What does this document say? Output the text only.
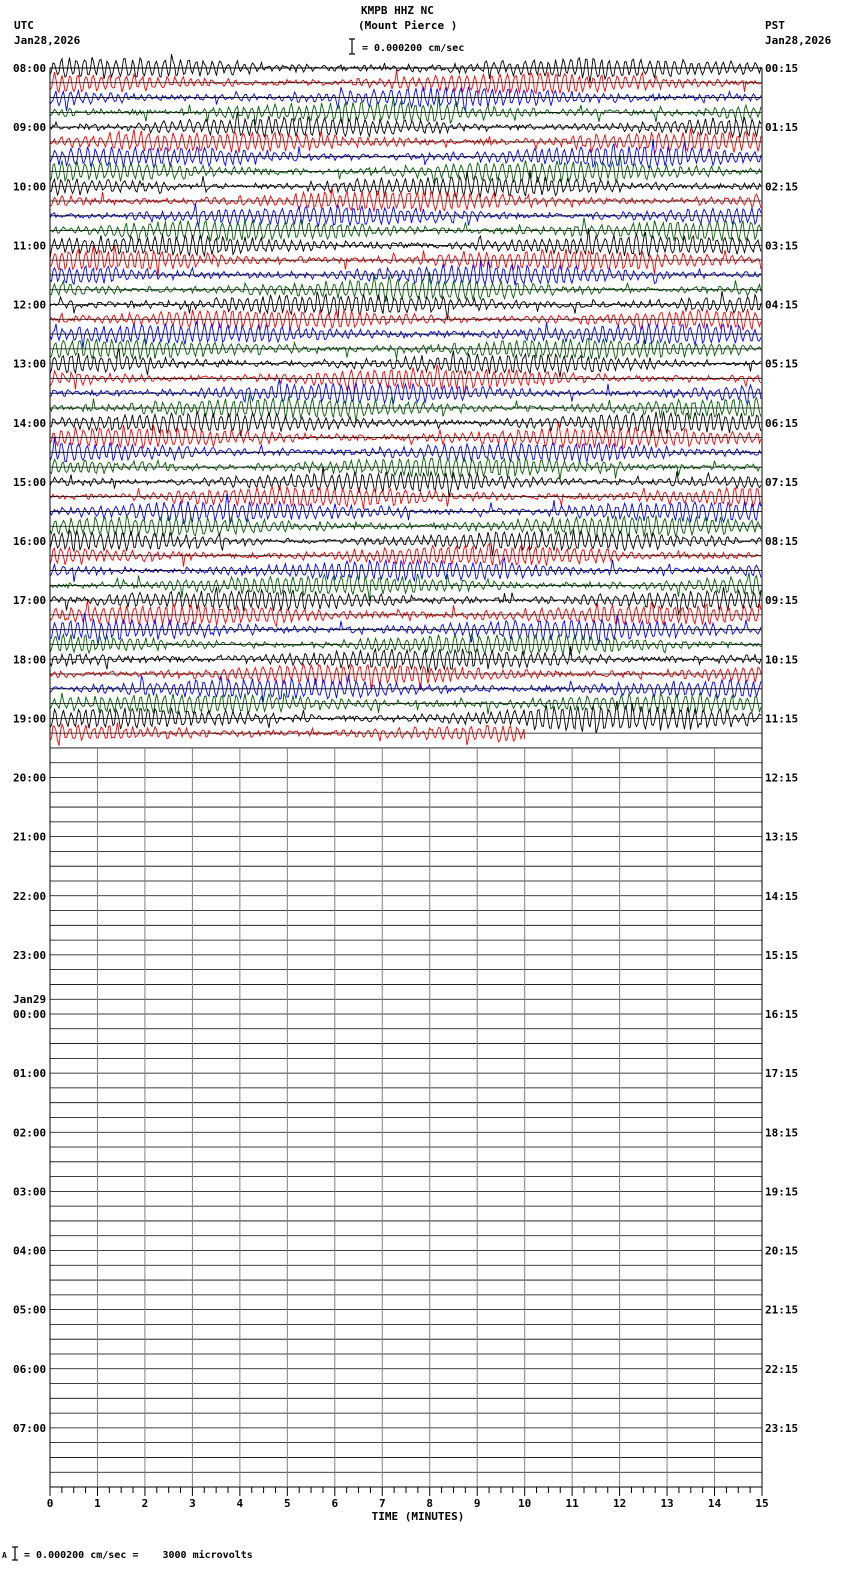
KMPB HHZ NC
(Mount Pierce )
UTC
Jan28,2026
PST
Jan28,2026
= 0.000200 cm/sec
A = 0.000200 cm/sec =    3000 microvolts
08:00	00:15
09:00	01:15
10:00	02:15
11:00	03:15
12:00	04:15
13:00	05:15
14:00	06:15
15:00	07:15
16:00	08:15
17:00	09:15
18:00	10:15
19:00	11:15
20:00	12:15
21:00	13:15
22:00	14:15
23:00	15:15
00:00	16:15
01:00	17:15
02:00	18:15
03:00	19:15
04:00	20:15
05:00	21:15
06:00	22:15
07:00	23:15
Jan29
TIME (MINUTES)
0	1	2	3	4	5	6	7	8	9	10	11	12	13	14	15
